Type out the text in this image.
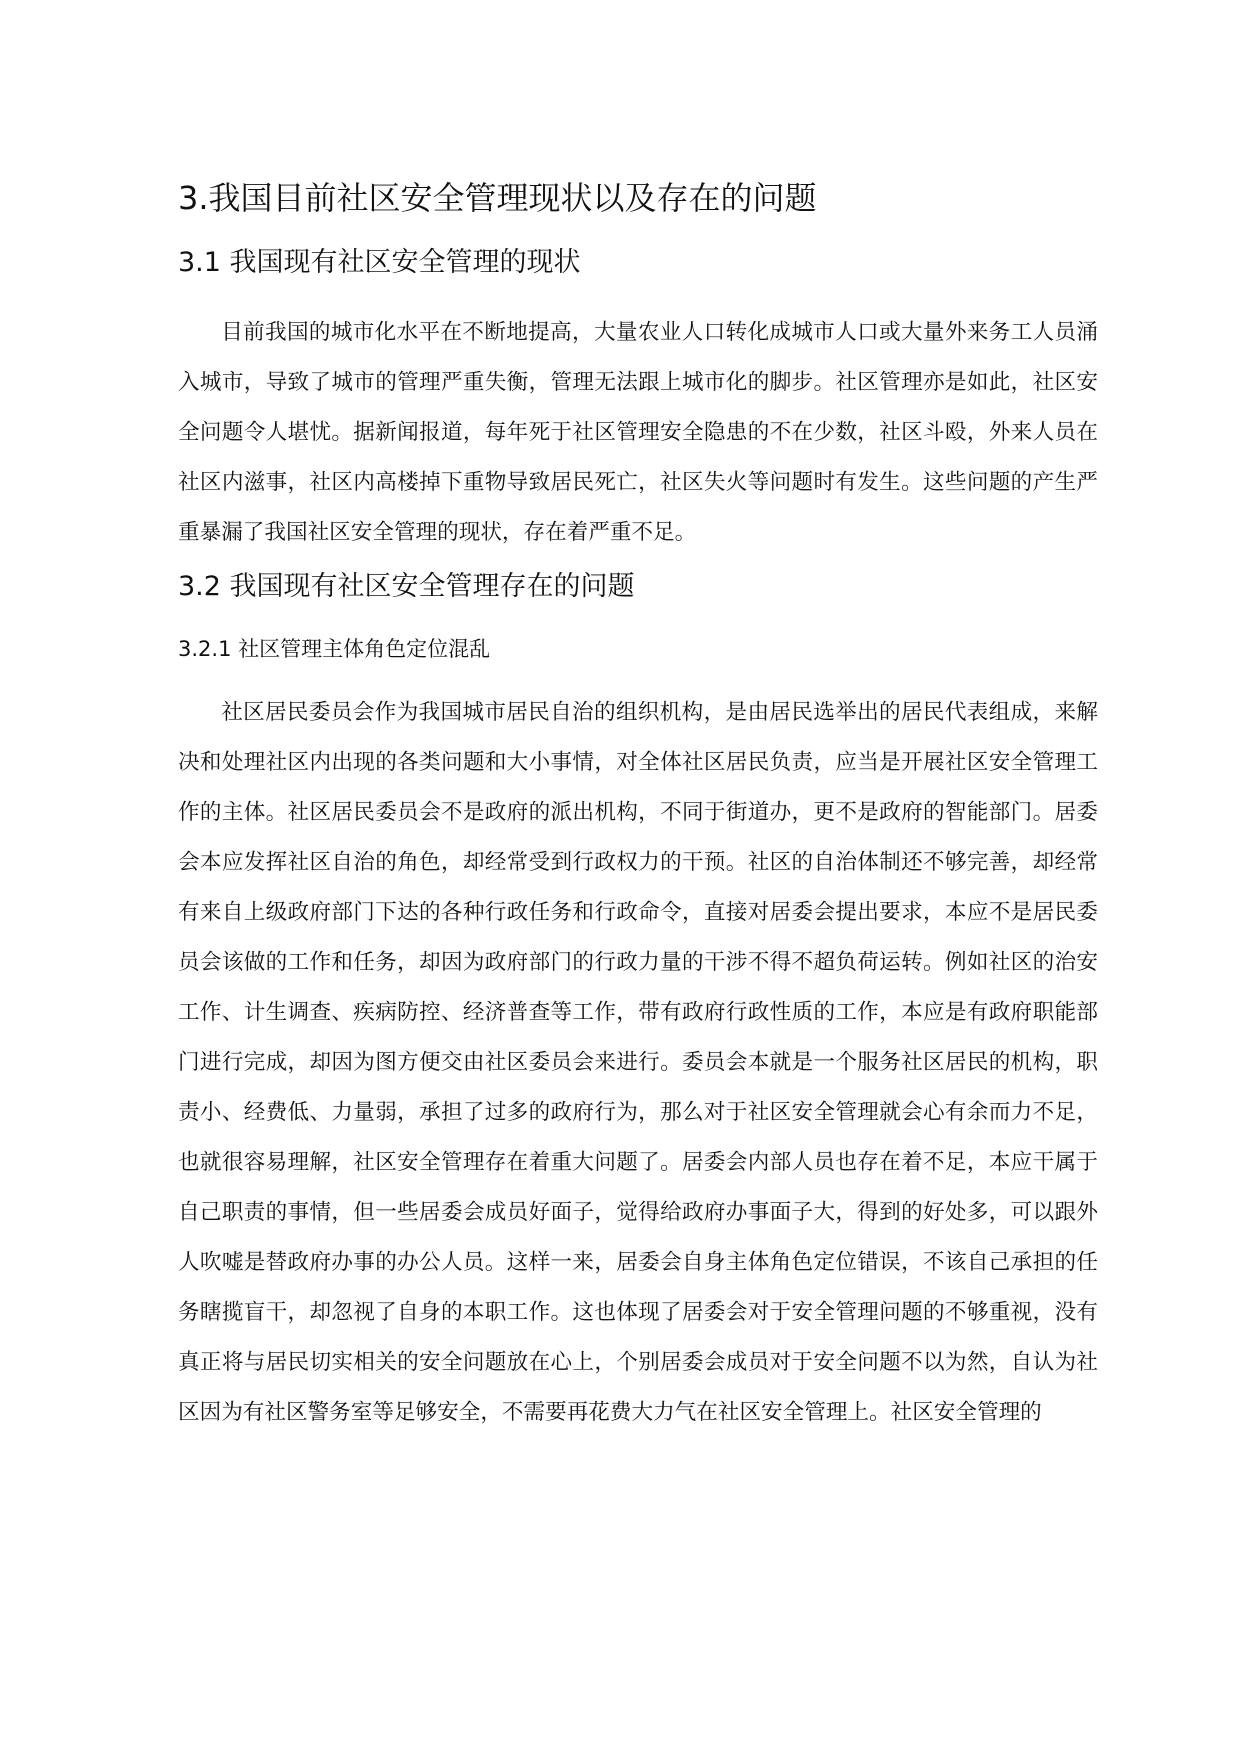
3.我国目前社区安全管理现状以及存在的问题
3.1 我国现有社区安全管理的现状

目前我国的城市化水平在不断地提高，大量农业人口转化成城市人口或大量外来务工人员涌入城市，导致了城市的管理严重失衡，管理无法跟上城市化的脚步。社区管理亦是如此，社区安全问题令人堪忧。据新闻报道，每年死于社区管理安全隐患的不在少数，社区斗殴，外来人员在社区内滋事，社区内高楼掉下重物导致居民死亡，社区失火等问题时有发生。这些问题的产生严重暴漏了我国社区安全管理的现状，存在着严重不足。

3.2 我国现有社区安全管理存在的问题
3.2.1 社区管理主体角色定位混乱

社区居民委员会作为我国城市居民自治的组织机构，是由居民选举出的居民代表组成，来解决和处理社区内出现的各类问题和大小事情，对全体社区居民负责，应当是开展社区安全管理工作的主体。社区居民委员会不是政府的派出机构，不同于街道办，更不是政府的智能部门。居委会本应发挥社区自治的角色，却经常受到行政权力的干预。社区的自治体制还不够完善，却经常有来自上级政府部门下达的各种行政任务和行政命令，直接对居委会提出要求，本应不是居民委员会该做的工作和任务，却因为政府部门的行政力量的干涉不得不超负荷运转。例如社区的治安工作、计生调查、疾病防控、经济普查等工作，带有政府行政性质的工作，本应是有政府职能部门进行完成，却因为图方便交由社区委员会来进行。委员会本就是一个服务社区居民的机构，职责小、经费低、力量弱，承担了过多的政府行为，那么对于社区安全管理就会心有余而力不足，也就很容易理解，社区安全管理存在着重大问题了。居委会内部人员也存在着不足，本应干属于自己职责的事情，但一些居委会成员好面子，觉得给政府办事面子大，得到的好处多，可以跟外人吹嘘是替政府办事的办公人员。这样一来，居委会自身主体角色定位错误，不该自己承担的任务瞎揽盲干，却忽视了自身的本职工作。这也体现了居委会对于安全管理问题的不够重视，没有真正将与居民切实相关的安全问题放在心上，个别居委会成员对于安全问题不以为然，自认为社区因为有社区警务室等足够安全，不需要再花费大力气在社区安全管理上。社区安全管理的
